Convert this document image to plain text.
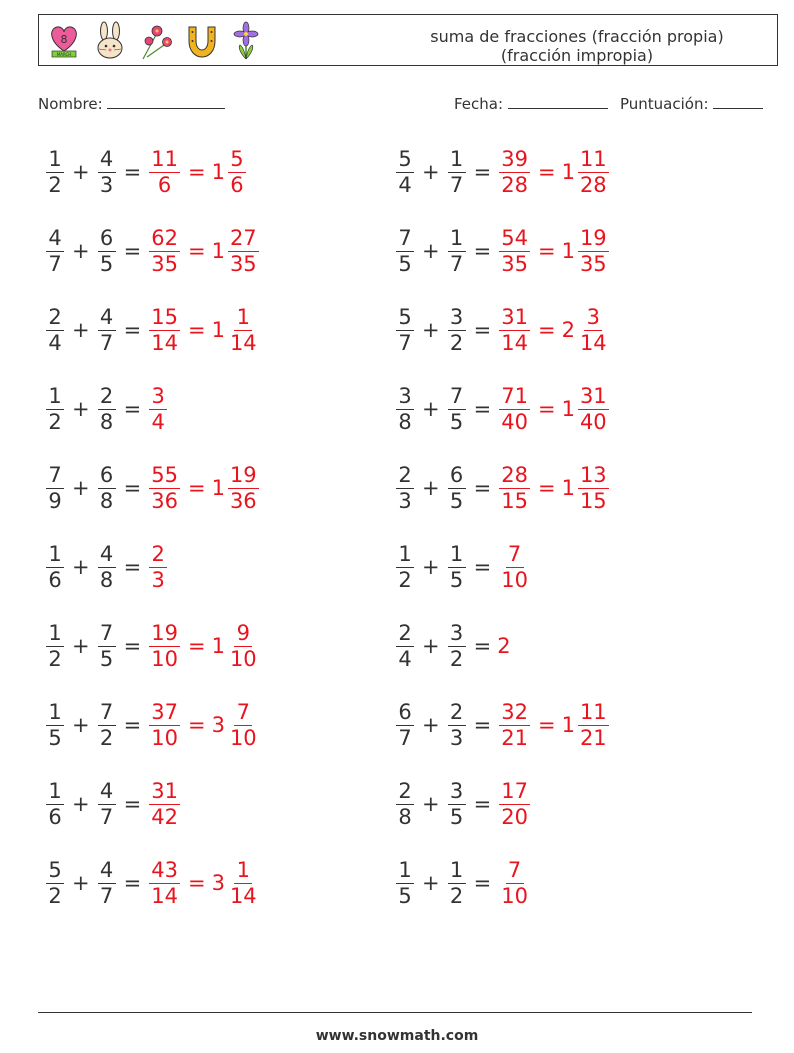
8
MARCH
suma de fracciones (fracción propia)
(fracción impropia)
Nombre:	Fecha:	Puntuación:
$\frac{1}{2} + \frac{4}{3} = \frac{11}{6} = 1 \frac{5}{6}$	$\frac{5}{4} + \frac{1}{7} = \frac{39}{28} = 1 \frac{11}{28}$
$\frac{4}{7} + \frac{6}{5} = \frac{62}{35} = 1 \frac{27}{35}$	$\frac{7}{5} + \frac{1}{7} = \frac{54}{35} = 1 \frac{19}{35}$
$\frac{2}{4} + \frac{4}{7} = \frac{15}{14} = 1 \frac{1}{14}$	$\frac{5}{7} + \frac{3}{2} = \frac{31}{14} = 2 \frac{3}{14}$
$\frac{1}{2} + \frac{2}{8} = \frac{3}{4}$	$\frac{3}{8} + \frac{7}{5} = \frac{71}{40} = 1 \frac{31}{40}$
$\frac{7}{9} + \frac{6}{8} = \frac{55}{36} = 1 \frac{19}{36}$	$\frac{2}{3} + \frac{6}{5} = \frac{28}{15} = 1 \frac{13}{15}$
$\frac{1}{6} + \frac{4}{8} = \frac{2}{3}$	$\frac{1}{2} + \frac{1}{5} = \frac{7}{10}$
$\frac{1}{2} + \frac{7}{5} = \frac{19}{10} = 1 \frac{9}{10}$	$\frac{2}{4} + \frac{3}{2} = 2$
$\frac{1}{5} + \frac{7}{2} = \frac{37}{10} = 3 \frac{7}{10}$	$\frac{6}{7} + \frac{2}{3} = \frac{32}{21} = 1 \frac{11}{21}$
$\frac{1}{6} + \frac{4}{7} = \frac{31}{42}$	$\frac{2}{8} + \frac{3}{5} = \frac{17}{20}$
$\frac{5}{2} + \frac{4}{7} = \frac{43}{14} = 3 \frac{1}{14}$	$\frac{1}{5} + \frac{1}{2} = \frac{7}{10}$
www.snowmath.com
